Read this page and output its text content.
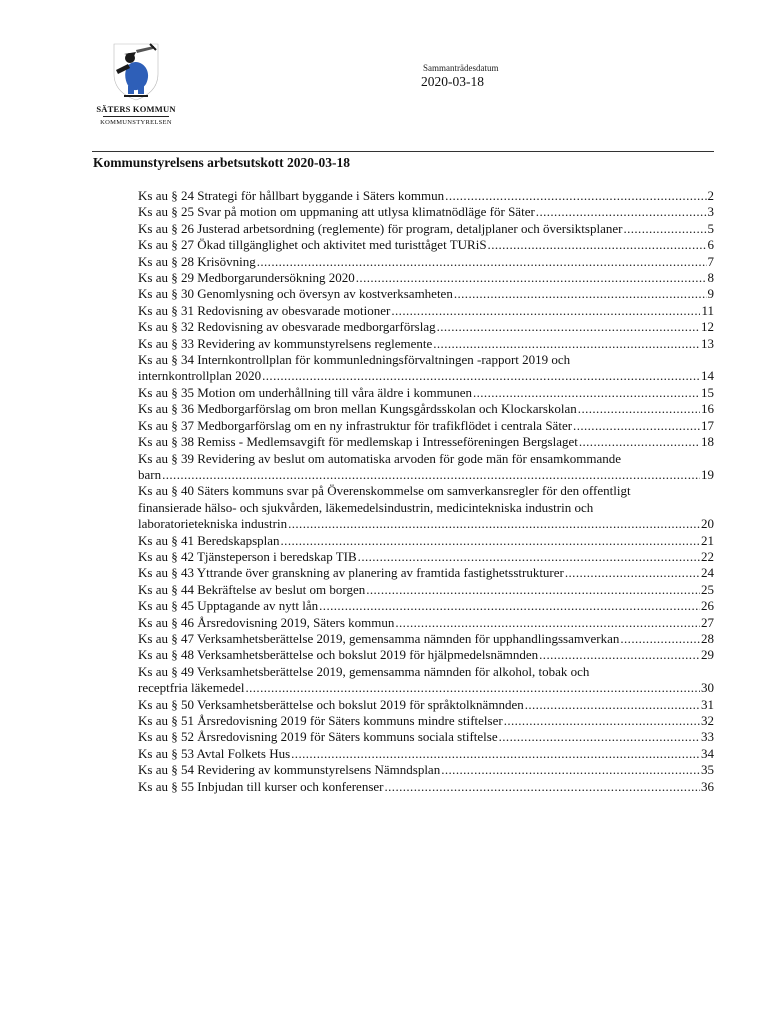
SÄTERS KOMMUN
KOMMUNSTYRELSEN
Sammanträdesdatum
2020-03-18
Kommunstyrelsens arbetsutskott 2020-03-18
Ks au § 24 Strategi för hållbart byggande i Säters kommun .....	2
Ks au § 25 Svar på motion om uppmaning att utlysa klimatnödläge för Säter .....	3
Ks au § 26 Justerad arbetsordning (reglemente) för program, detaljplaner och översiktsplaner .....	5
Ks au § 27 Ökad tillgänglighet och aktivitet med turisttåget TURiS .....	6
Ks au § 28 Krisövning .....	7
Ks au § 29 Medborgarundersökning 2020 .....	8
Ks au § 30 Genomlysning och översyn av kostverksamheten .....	9
Ks au § 31 Redovisning av obesvarade motioner .....	11
Ks au § 32 Redovisning av obesvarade medborgarförslag .....	12
Ks au § 33 Revidering av kommunstyrelsens reglemente .....	13
Ks au § 34 Internkontrollplan för kommunledningsförvaltningen -rapport 2019 och
internkontrollplan 2020 .....	14
Ks au § 35 Motion om underhållning till våra äldre i kommunen .....	15
Ks au § 36 Medborgarförslag om bron mellan Kungsgårdsskolan och Klockarskolan .....	16
Ks au § 37 Medborgarförslag om en ny infrastruktur för trafikflödet i centrala Säter .....	17
Ks au § 38 Remiss - Medlemsavgift för medlemskap i Intresseföreningen Bergslaget .....	18
Ks au § 39 Revidering av beslut om automatiska arvoden för gode män för ensamkommande
barn .....	19
Ks au § 40 Säters kommuns svar på Överenskommelse om samverkansregler för den offentligt
finansierade hälso- och sjukvården, läkemedelsindustrin, medicintekniska industrin och
laboratorietekniska industrin .....	20
Ks au § 41 Beredskapsplan .....	21
Ks au § 42 Tjänsteperson i beredskap TIB .....	22
Ks au § 43 Yttrande över granskning av planering av framtida fastighetsstrukturer .....	24
Ks au § 44 Bekräftelse av beslut om borgen .....	25
Ks au § 45 Upptagande av nytt lån .....	26
Ks au § 46 Årsredovisning 2019, Säters kommun .....	27
Ks au § 47 Verksamhetsberättelse 2019, gemensamma nämnden för upphandlingssamverkan .....	28
Ks au § 48 Verksamhetsberättelse och bokslut 2019 för hjälpmedelsnämnden .....	29
Ks au § 49 Verksamhetsberättelse 2019, gemensamma nämnden för alkohol, tobak och
receptfria läkemedel .....	30
Ks au § 50 Verksamhetsberättelse och bokslut 2019 för språktolknämnden .....	31
Ks au § 51 Årsredovisning 2019 för Säters kommuns mindre stiftelser .....	32
Ks au § 52 Årsredovisning 2019 för Säters kommuns sociala stiftelse .....	33
Ks au § 53 Avtal Folkets Hus .....	34
Ks au § 54 Revidering av kommunstyrelsens Nämndsplan .....	35
Ks au § 55 Inbjudan till kurser och konferenser .....	36
